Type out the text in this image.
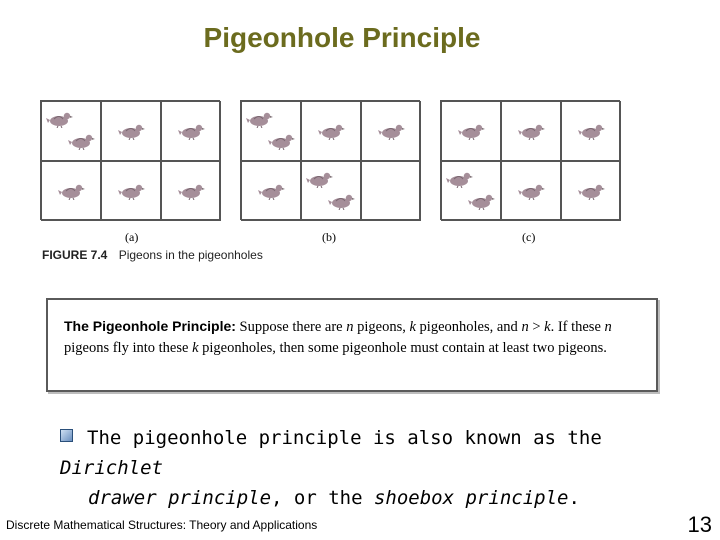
Pigeonhole Principle
(a)	(b)	(c)
FIGURE 7.4 Pigeons in the pigeonholes
The Pigeonhole Principle: Suppose there are n pigeons, k pigeonholes, and n > k. If these n pigeons fly into these k pigeonholes, then some pigeonhole must contain at least two pigeons.
The pigeonhole principle is also known as the Dirichlet
drawer principle, or the shoebox principle.
Discrete Mathematical Structures: Theory and Applications	13
